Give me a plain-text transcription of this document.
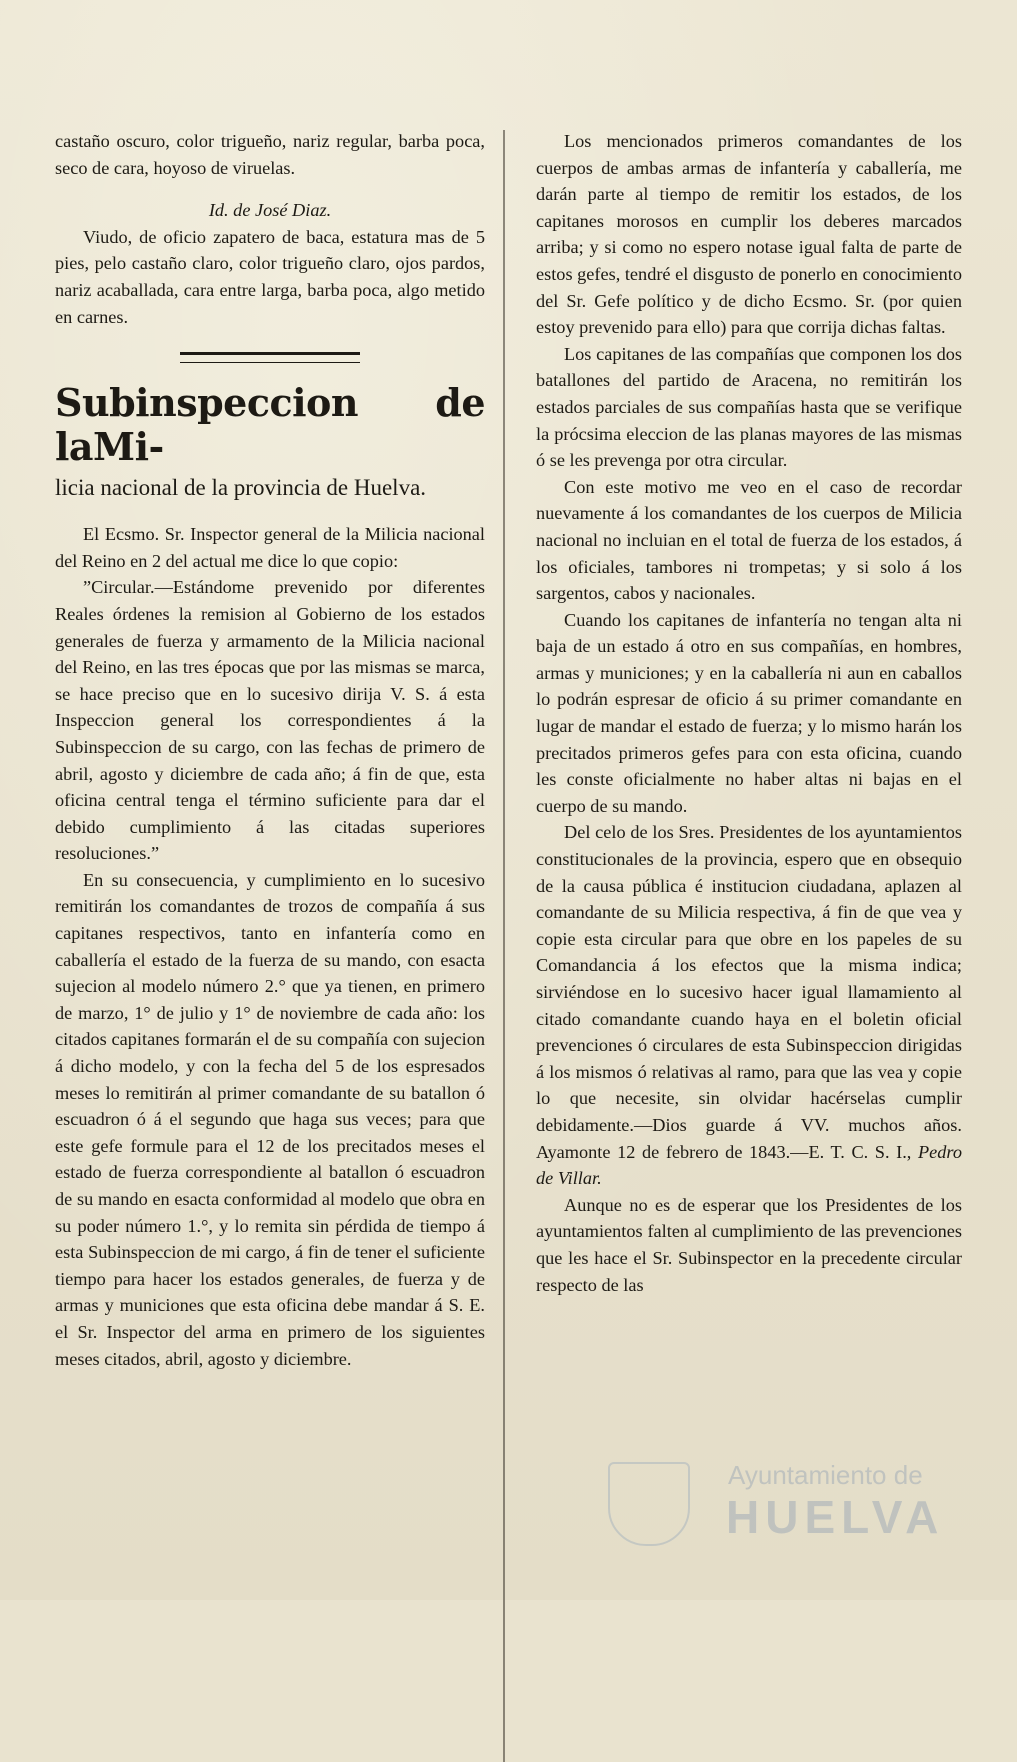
castaño oscuro, color trigueño, nariz regular, barba poca, seco de cara, hoyoso de viruelas.

Id. de José Diaz.

Viudo, de oficio zapatero de baca, estatura mas de 5 pies, pelo castaño claro, color trigueño claro, ojos pardos, nariz acaballada, cara entre larga, barba poca, algo metido en carnes.

Subinspeccion de laMi-
licia nacional de la provincia de Huelva.

El Ecsmo. Sr. Inspector general de la Milicia nacional del Reino en 2 del actual me dice lo que copio:

”Circular.—Estándome prevenido por diferentes Reales órdenes la remision al Gobierno de los estados generales de fuerza y armamento de la Milicia nacional del Reino, en las tres épocas que por las mismas se marca, se hace preciso que en lo sucesivo dirija V. S. á esta Inspeccion general los correspondientes á la Subinspeccion de su cargo, con las fechas de primero de abril, agosto y diciembre de cada año; á fin de que, esta oficina central tenga el término suficiente para dar el debido cumplimiento á las citadas superiores resoluciones.”

En su consecuencia, y cumplimiento en lo sucesivo remitirán los comandantes de trozos de compañía á sus capitanes respectivos, tanto en infantería como en caballería el estado de la fuerza de su mando, con esacta sujecion al modelo número 2.° que ya tienen, en primero de marzo, 1° de julio y 1° de noviembre de cada año: los citados capitanes formarán el de su compañía con sujecion á dicho modelo, y con la fecha del 5 de los espresados meses lo remitirán al primer comandante de su batallon ó escuadron ó á el segundo que haga sus veces; para que este gefe formule para el 12 de los precitados meses el estado de fuerza correspondiente al batallon ó escuadron de su mando en esacta conformidad al modelo que obra en su poder número 1.°, y lo remita sin pérdida de tiempo á esta Subinspeccion de mi cargo, á fin de tener el suficiente tiempo para hacer los estados generales, de fuerza y de armas y municiones que esta oficina debe mandar á S. E. el Sr. Inspector del arma en primero de los siguientes meses citados, abril, agosto y diciembre.

Los mencionados primeros comandantes de los cuerpos de ambas armas de infantería y caballería, me darán parte al tiempo de remitir los estados, de los capitanes morosos en cumplir los deberes marcados arriba; y si como no espero notase igual falta de parte de estos gefes, tendré el disgusto de ponerlo en conocimiento del Sr. Gefe político y de dicho Ecsmo. Sr. (por quien estoy prevenido para ello) para que corrija dichas faltas.

Los capitanes de las compañías que componen los dos batallones del partido de Aracena, no remitirán los estados parciales de sus compañías hasta que se verifique la prócsima eleccion de las planas mayores de las mismas ó se les prevenga por otra circular.

Con este motivo me veo en el caso de recordar nuevamente á los comandantes de los cuerpos de Milicia nacional no incluian en el total de fuerza de los estados, á los oficiales, tambores ni trompetas; y si solo á los sargentos, cabos y nacionales.

Cuando los capitanes de infantería no tengan alta ni baja de un estado á otro en sus compañías, en hombres, armas y municiones; y en la caballería ni aun en caballos lo podrán espresar de oficio á su primer comandante en lugar de mandar el estado de fuerza; y lo mismo harán los precitados primeros gefes para con esta oficina, cuando les conste oficialmente no haber altas ni bajas en el cuerpo de su mando.

Del celo de los Sres. Presidentes de los ayuntamientos constitucionales de la provincia, espero que en obsequio de la causa pública é institucion ciudadana, aplazen al comandante de su Milicia respectiva, á fin de que vea y copie esta circular para que obre en los papeles de su Comandancia á los efectos que la misma indica; sirviéndose en lo sucesivo hacer igual llamamiento al citado comandante cuando haya en el boletin oficial prevenciones ó circulares de esta Subinspeccion dirigidas á los mismos ó relativas al ramo, para que las vea y copie lo que necesite, sin olvidar hacérselas cumplir debidamente.—Dios guarde á VV. muchos años. Ayamonte 12 de febrero de 1843.—E. T. C. S. I., Pedro de Villar.

Aunque no es de esperar que los Presidentes de los ayuntamientos falten al cumplimiento de las prevenciones que les hace el Sr. Subinspector en la precedente circular respecto de las

Ayuntamiento de
HUELVA
